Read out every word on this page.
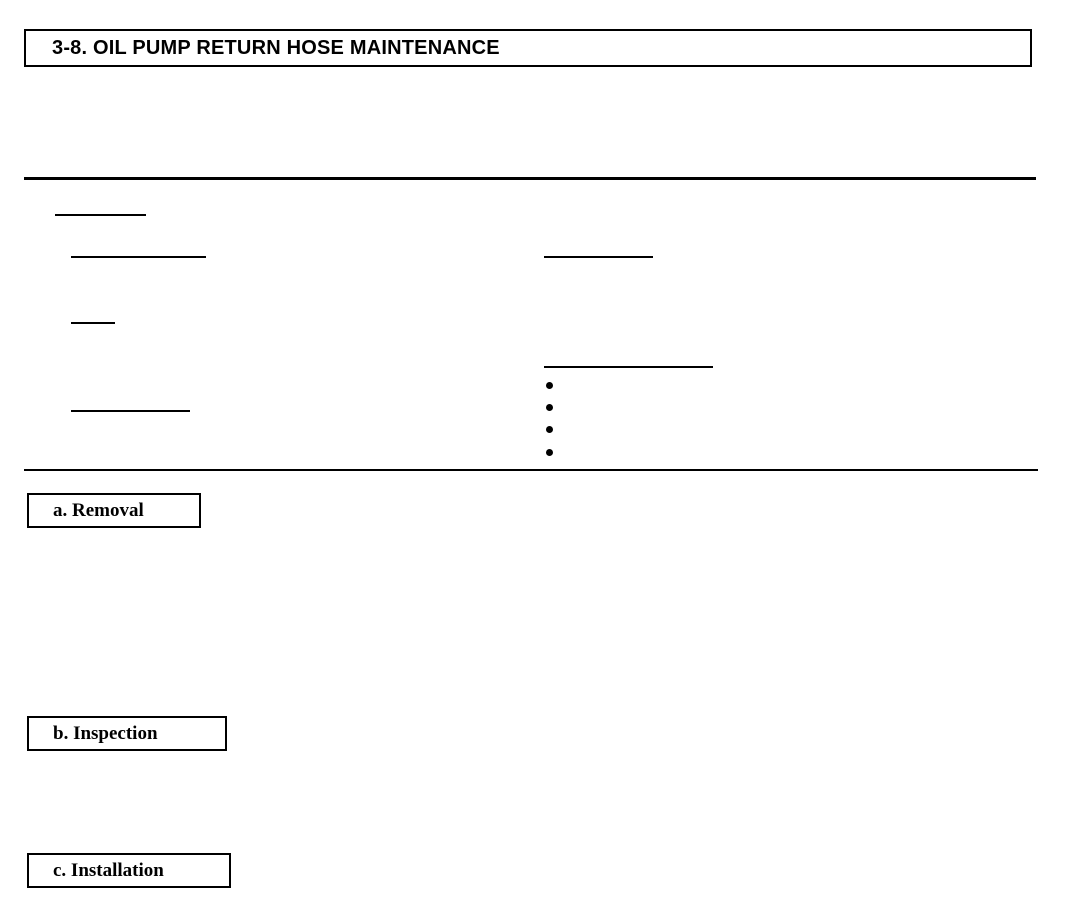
3-8. OIL PUMP RETURN HOSE MAINTENANCE
a. Removal
b. Inspection
c. Installation
